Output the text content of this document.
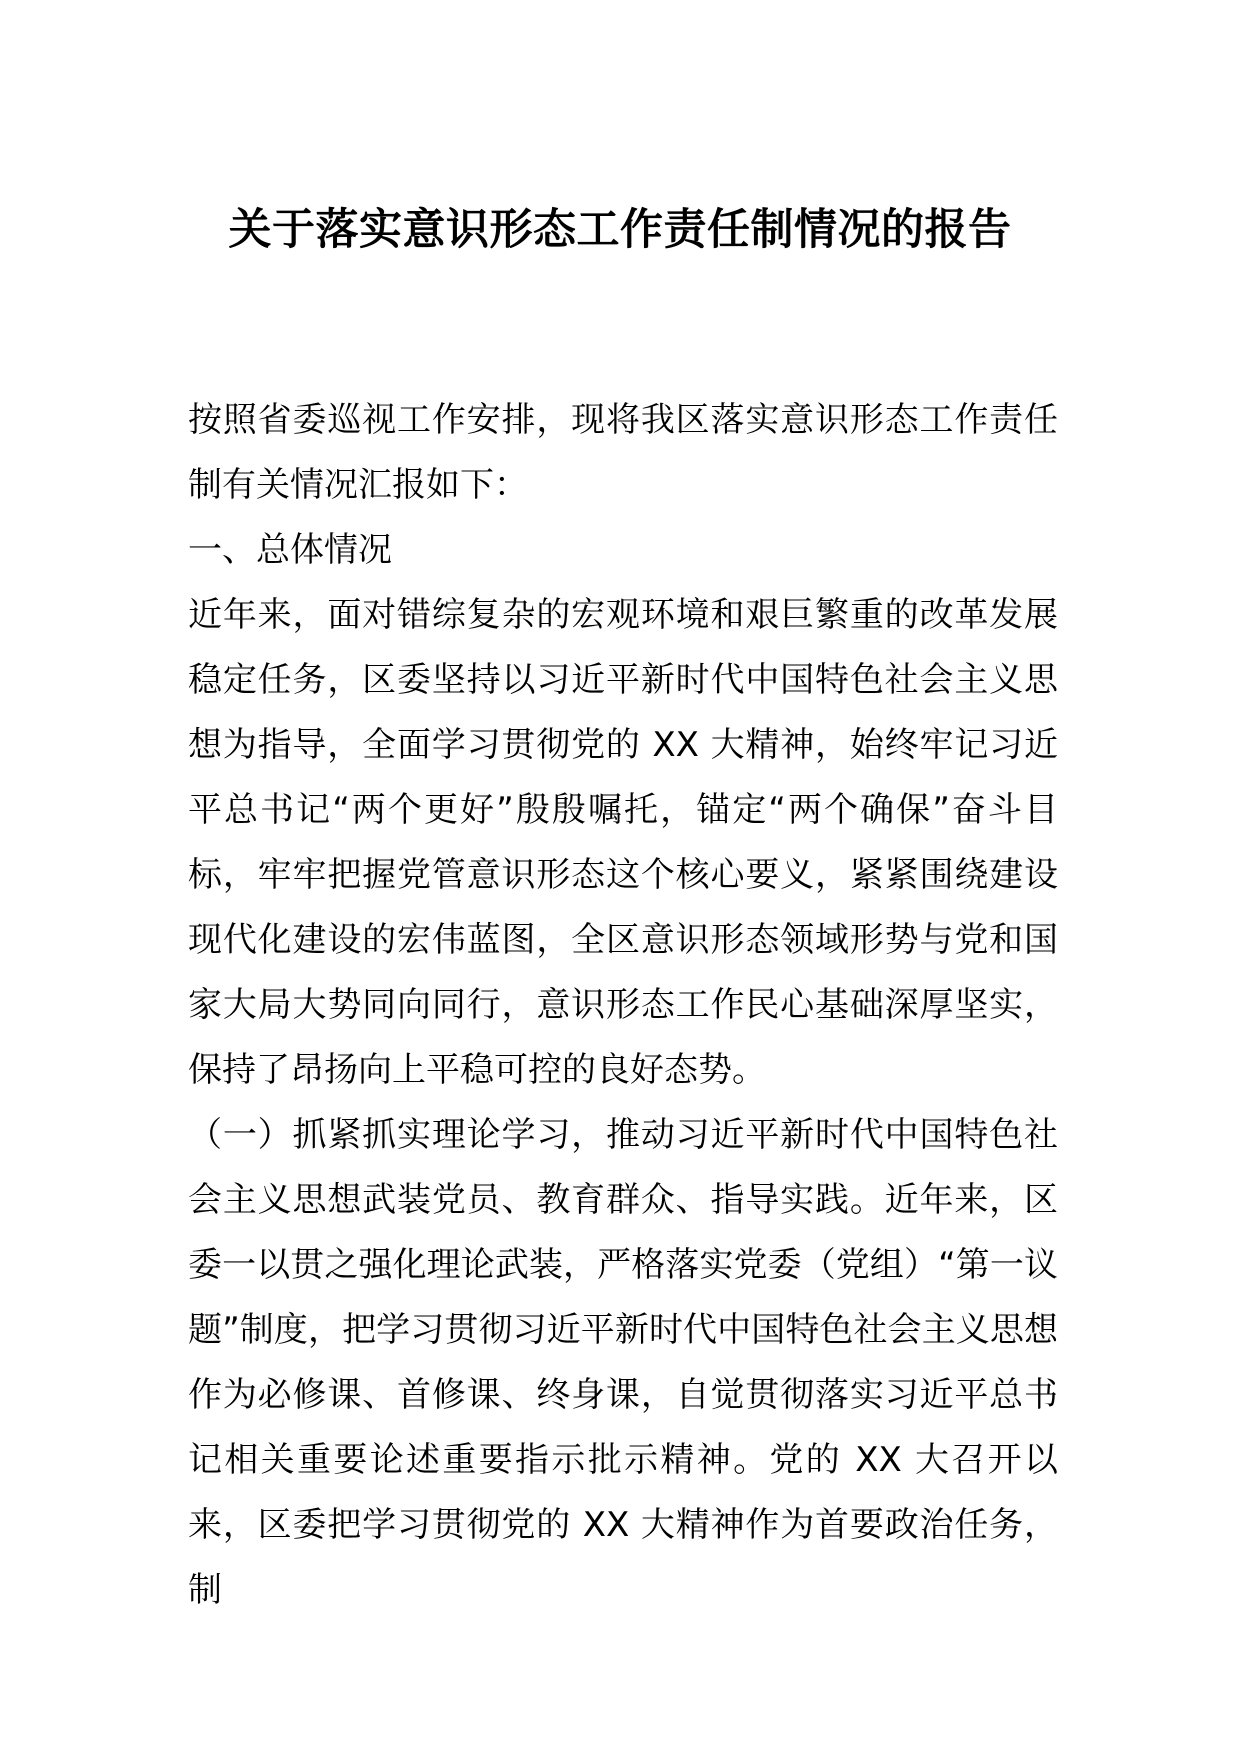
关于落实意识形态工作责任制情况的报告

按照省委巡视工作安排，现将我区落实意识形态工作责任制有关情况汇报如下：

一、总体情况

近年来，面对错综复杂的宏观环境和艰巨繁重的改革发展稳定任务，区委坚持以习近平新时代中国特色社会主义思想为指导，全面学习贯彻党的 XX 大精神，始终牢记习近平总书记“两个更好”殷殷嘱托，锚定“两个确保”奋斗目标，牢牢把握党管意识形态这个核心要义，紧紧围绕建设现代化建设的宏伟蓝图，全区意识形态领域形势与党和国家大局大势同向同行，意识形态工作民心基础深厚坚实，保持了昂扬向上平稳可控的良好态势。

（一）抓紧抓实理论学习，推动习近平新时代中国特色社会主义思想武装党员、教育群众、指导实践。近年来，区委一以贯之强化理论武装，严格落实党委（党组）“第一议题”制度，把学习贯彻习近平新时代中国特色社会主义思想作为必修课、首修课、终身课，自觉贯彻落实习近平总书记相关重要论述重要指示批示精神。党的 XX 大召开以来，区委把学习贯彻党的 XX 大精神作为首要政治任务，制
